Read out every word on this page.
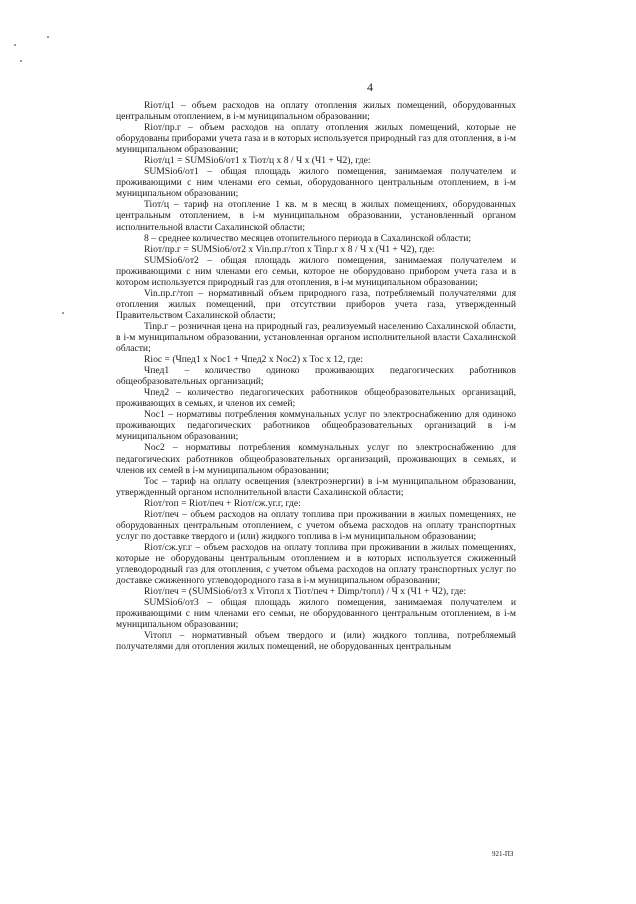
4

Rioт/ц1 – объем расходов на оплату отопления жилых помещений, оборудованных центральным отоплением, в i-м муниципальном образовании;

Rioт/пр.г – объем расходов на оплату отопления жилых помещений, которые не оборудованы приборами учета газа и в которых используется природный газ для отопления, в i-м муниципальном образовании;

Rioт/ц1 = SUMSio6/oт1 x Tioт/ц x 8 / Ч x (Ч1 + Ч2), где:

SUMSio6/oт1 – общая площадь жилого помещения, занимаемая получателем и проживающими с ним членами его семьи, оборудованного центральным отоплением, в i-м муниципальном образовании;

Tioт/ц – тариф на отопление 1 кв. м в месяц в жилых помещениях, оборудованных центральным отоплением, в i-м муниципальном образовании, установленный органом исполнительной власти Сахалинской области;

8 – среднее количество месяцев отопительного периода в Сахалинской области;

Rioт/пр.г = SUMSio6/oт2 x Vin.пр.г/топ x Tinр.г x 8 / Ч x (Ч1 + Ч2), где:

SUMSio6/oт2 – общая площадь жилого помещения, занимаемая получателем и проживающими с ним членами его семьи, которое не оборудовано прибором учета газа и в котором используется природный газ для отопления, в i-м муниципальном образовании;

Vin.пр.г/топ – нормативный объем природного газа, потребляемый получателями для отопления жилых помещений, при отсутствии приборов учета газа, утвержденный Правительством Сахалинской области;

Tinр.г – розничная цена на природный газ, реализуемый населению Сахалинской области, в i-м муниципальном образовании, установленная органом исполнительной власти Сахалинской области;

Rioc = (Чпед1 x Noc1 + Чпед2 x Noc2) x Toc x 12, где:

Чпед1 – количество одиноко проживающих педагогических работников общеобразовательных организаций;

Чпед2 – количество педагогических работников общеобразовательных организаций, проживающих в семьях, и членов их семей;

Noc1 – нормативы потребления коммунальных услуг по электроснабжению для одиноко проживающих педагогических работников общеобразовательных организаций в i-м муниципальном образовании;

Noc2 – нормативы потребления коммунальных услуг по электроснабжению для педагогических работников общеобразовательных организаций, проживающих в семьях, и членов их семей в i-м муниципальном образовании;

Toc – тариф на оплату освещения (электроэнергии) в i-м муниципальном образовании, утвержденный органом исполнительной власти Сахалинской области;

Rioт/топ = Rioт/печ + Rioт/сж.уг.г, где:

Rioт/печ – объем расходов на оплату топлива при проживании в жилых помещениях, не оборудованных центральным отоплением, с учетом объема расходов на оплату транспортных услуг по доставке твердого и (или) жидкого топлива в i-м муниципальном образовании;

Rioт/сж.уг.г – объем расходов на оплату топлива при проживании в жилых помещениях, которые не оборудованы центральным отоплением и в которых используется сжиженный углеводородный газ для отопления, с учетом объема расходов на оплату транспортных услуг по доставке сжиженного углеводородного газа в i-м муниципальном образовании;

Rioт/печ = (SUMSio6/oт3 x Viтопл x Tioт/печ + Dimр/топл) / Ч x (Ч1 + Ч2), где:

SUMSio6/oт3 – общая площадь жилого помещения, занимаемая получателем и проживающими с ним членами его семьи, не оборудованного центральным отоплением, в i-м муниципальном образовании;

Viтопл – нормативный объем твердого и (или) жидкого топлива, потребляемый получателями для отопления жилых помещений, не оборудованных центральным

921-ПЗ
